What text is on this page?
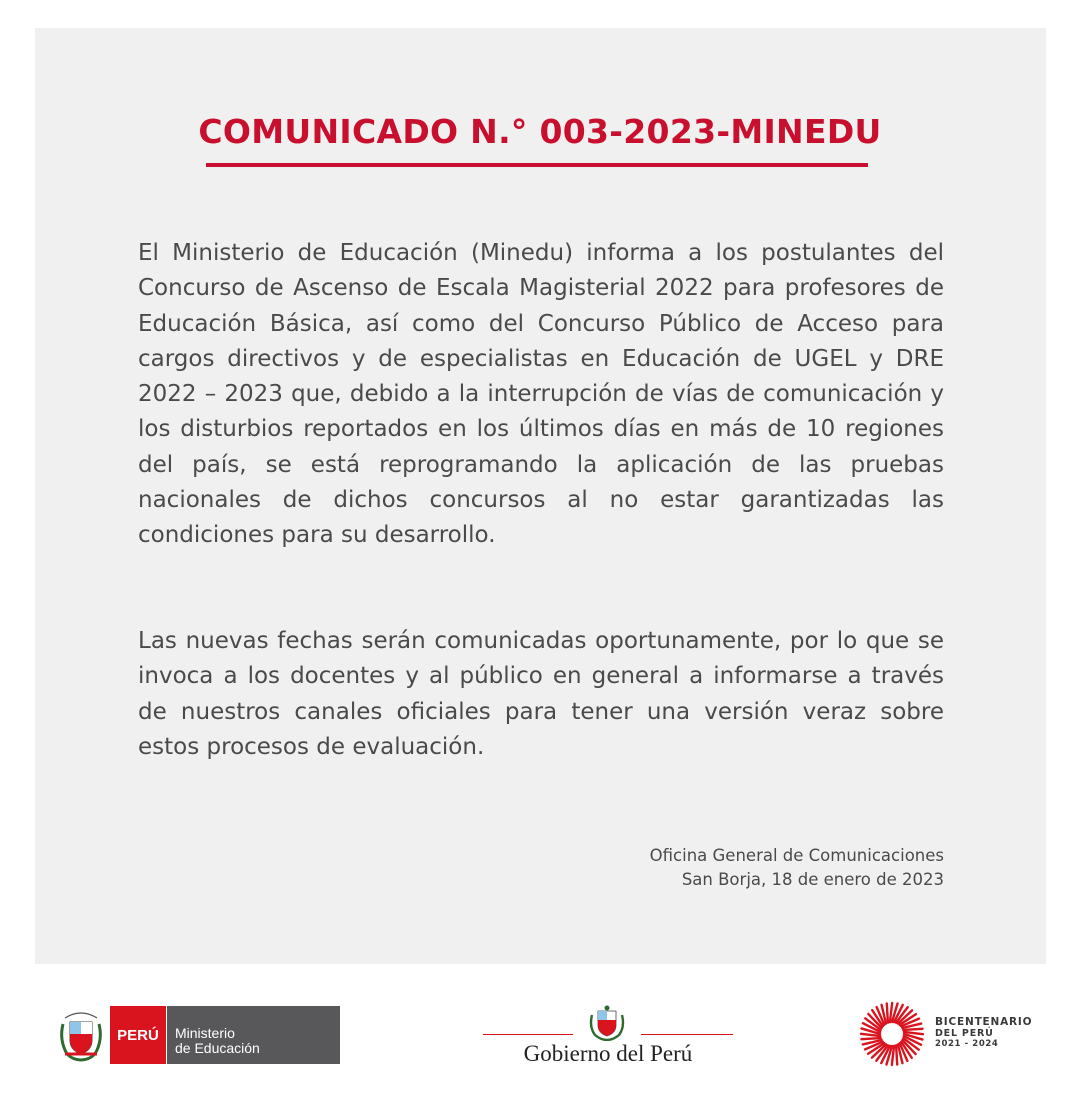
COMUNICADO N.° 003-2023-MINEDU

El Ministerio de Educación (Minedu) informa a los postulantes del Concurso de Ascenso de Escala Magisterial 2022 para profesores de Educación Básica, así como del Concurso Público de Acceso para cargos directivos y de especialistas en Educación de UGEL y DRE 2022 – 2023 que, debido a la interrupción de vías de comunicación y los disturbios reportados en los últimos días en más de 10 regiones del país, se está reprogramando la aplicación de las pruebas nacionales de dichos concursos al no estar garantizadas las condiciones para su desarrollo.

Las nuevas fechas serán comunicadas oportunamente, por lo que se invoca a los docentes y al público en general a informarse a través de nuestros canales oficiales para tener una versión veraz sobre estos procesos de evaluación.

Oficina General de Comunicaciones
San Borja, 18 de enero de 2023
PERÚ	Ministerio
de Educación	Gobierno del Perú
BICENTENARIO
DEL PERÚ
2021 - 2024
